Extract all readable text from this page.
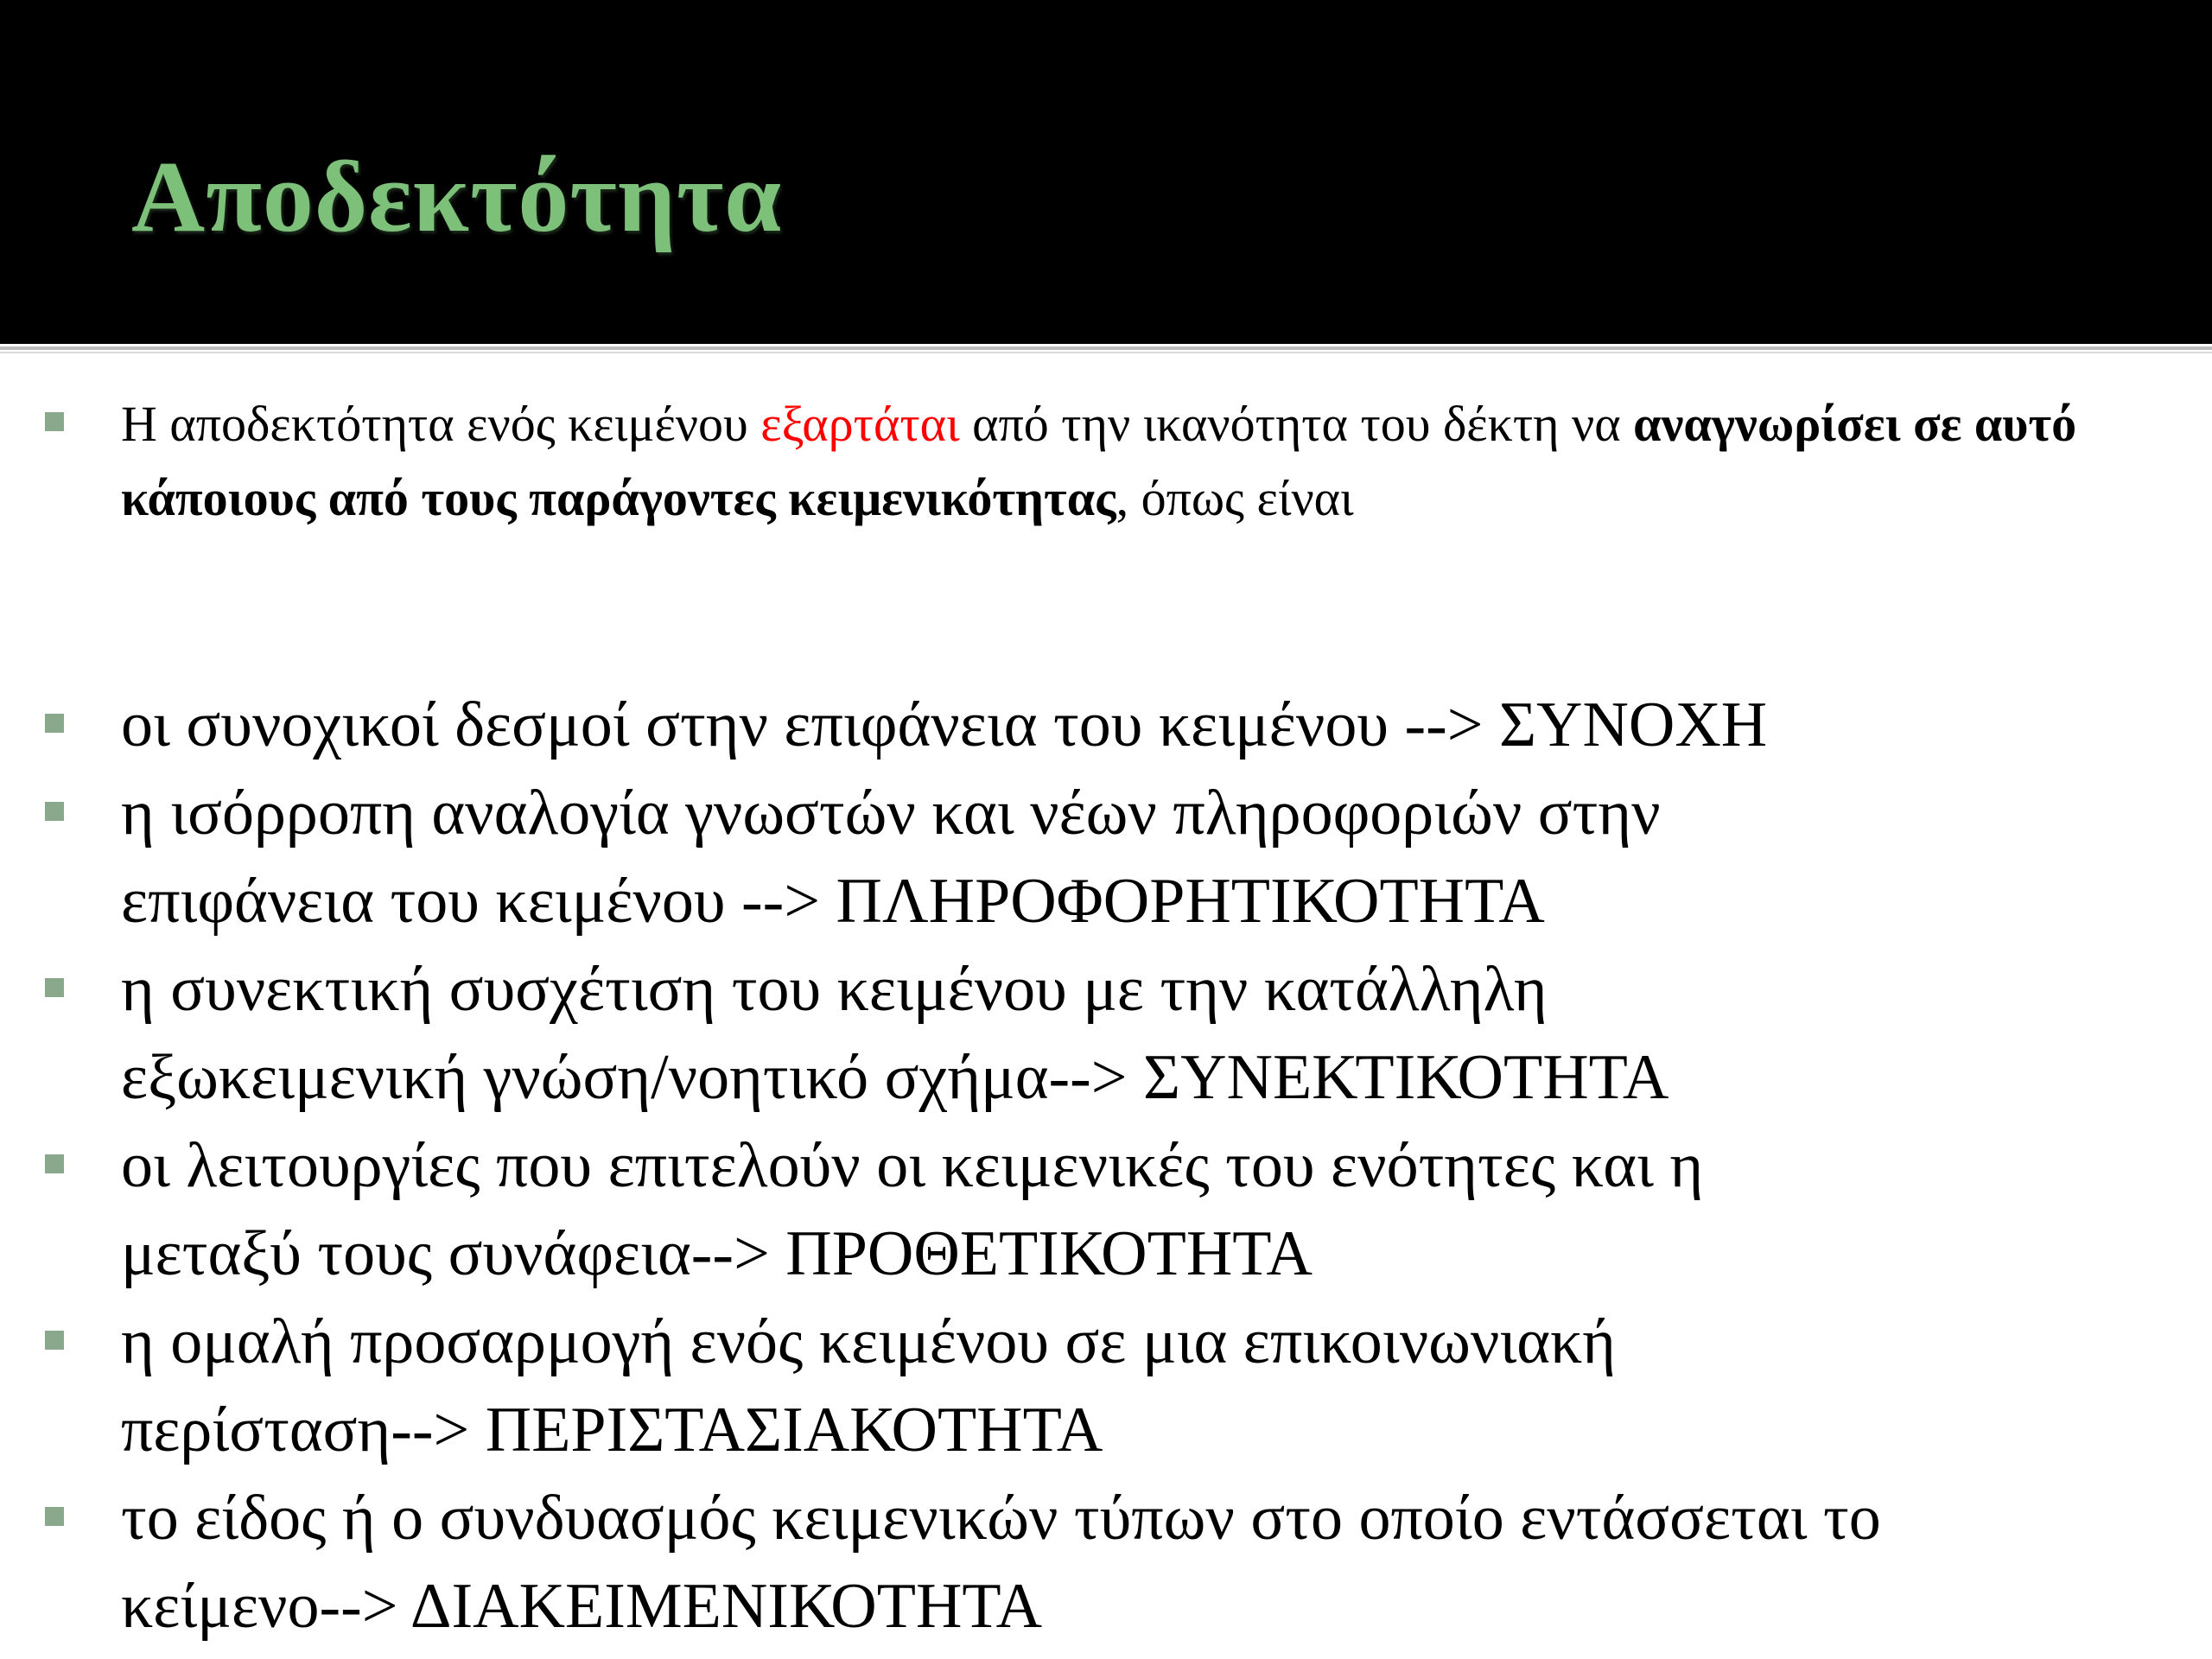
Αποδεκτότητα

Η αποδεκτότητα ενός κειμένου εξαρτάται από την ικανότητα του δέκτη να αναγνωρίσει σε αυτό κάποιους από τους παράγοντες κειμενικότητας, όπως είναι

οι συνοχικοί δεσμοί στην επιφάνεια του κειμένου --> ΣΥΝΟΧΗ

η ισόρροπη αναλογία γνωστών και νέων πληροφοριών στην
επιφάνεια του κειμένου --> ΠΛΗΡΟΦΟΡΗΤΙΚΟΤΗΤΑ

η συνεκτική συσχέτιση του κειμένου με την κατάλληλη
εξωκειμενική γνώση/νοητικό σχήμα--> ΣΥΝΕΚΤΙΚΟΤΗΤΑ

οι λειτουργίες που επιτελούν οι κειμενικές του ενότητες και η
μεταξύ τους συνάφεια--> ΠΡΟΘΕΤΙΚΟΤΗΤΑ

η ομαλή προσαρμογή ενός κειμένου σε μια επικοινωνιακή
περίσταση--> ΠΕΡΙΣΤΑΣΙΑΚΟΤΗΤΑ

το είδος ή ο συνδυασμός κειμενικών τύπων στο οποίο εντάσσεται το
κείμενο--> ΔΙΑΚΕΙΜΕΝΙΚΟΤΗΤΑ
